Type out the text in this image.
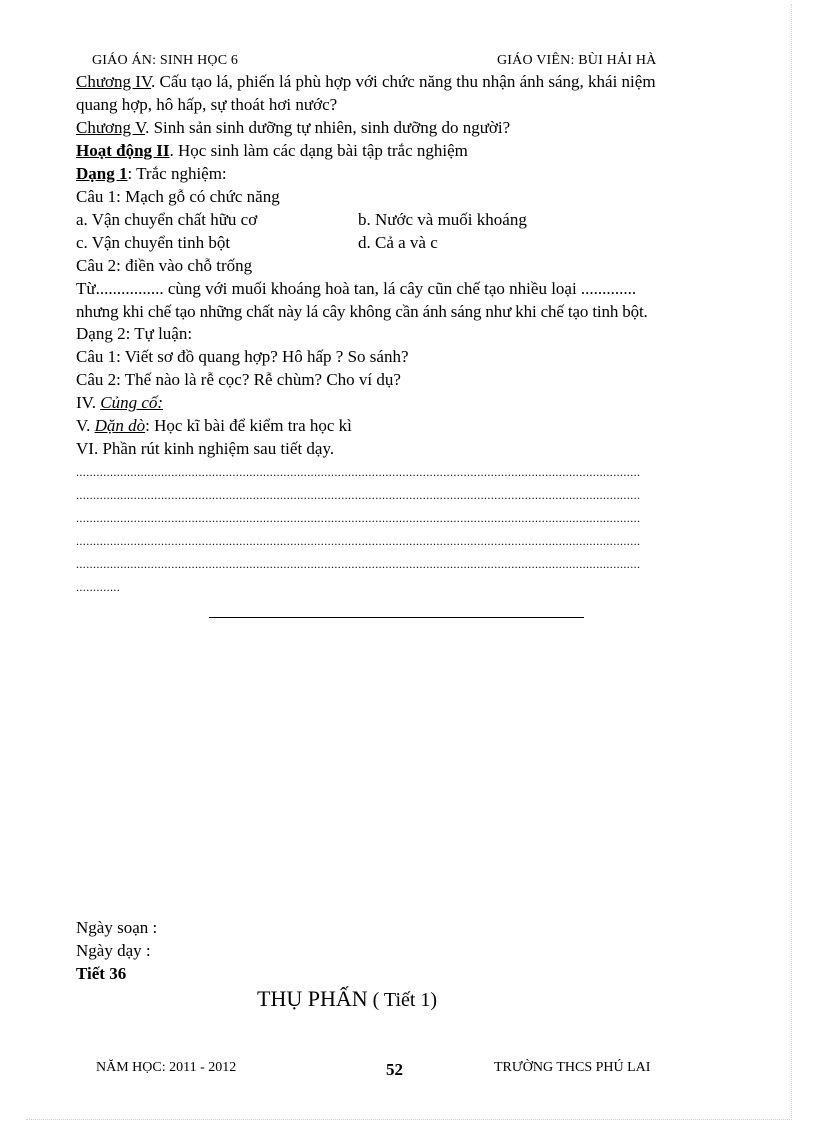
GIÁO ÁN: SINH HỌC 6	GIÁO VIÊN: BÙI HẢI HÀ
Chương IV. Cấu tạo lá, phiến lá phù hợp với chức năng thu nhận ánh sáng, khái niệm
quang hợp, hô hấp, sự thoát hơi nước?
Chương V. Sinh sản sinh dưỡng tự nhiên, sinh dưỡng do người?
Hoạt động II. Học sinh làm các dạng bài tập trắc nghiệm
Dạng 1: Trắc nghiệm:
Câu 1: Mạch gỗ có chức năng
a. Vận chuyển chất hữu cơ	b. Nước và muối khoáng
c. Vận chuyển tinh bột	d. Cả a và c
Câu 2: điền vào chỗ trống
Từ................ cùng với muối khoáng hoà tan, lá cây cũn chế tạo nhiều loại .............
nhưng khi chế tạo những chất này lá cây không cần ánh sáng như khi chế tạo tinh bột.
Dạng 2: Tự luận:
Câu 1: Viết sơ đồ quang hợp? Hô hấp ? So sánh?
Câu 2: Thế nào là rễ cọc? Rễ chùm? Cho ví dụ?
IV. Củng cố:
V. Dặn dò: Học kĩ bài để kiểm tra học kì
VI. Phần rút kinh nghiệm sau tiết dạy.
......................................................................................................................................................................
......................................................................................................................................................................
......................................................................................................................................................................
......................................................................................................................................................................
......................................................................................................................................................................
.............
Ngày soạn :
Ngày dạy :
Tiết 36
THỤ PHẤN ( Tiết 1)
NĂM HỌC: 2011 - 2012	52	TRƯỜNG THCS PHÚ LAI
